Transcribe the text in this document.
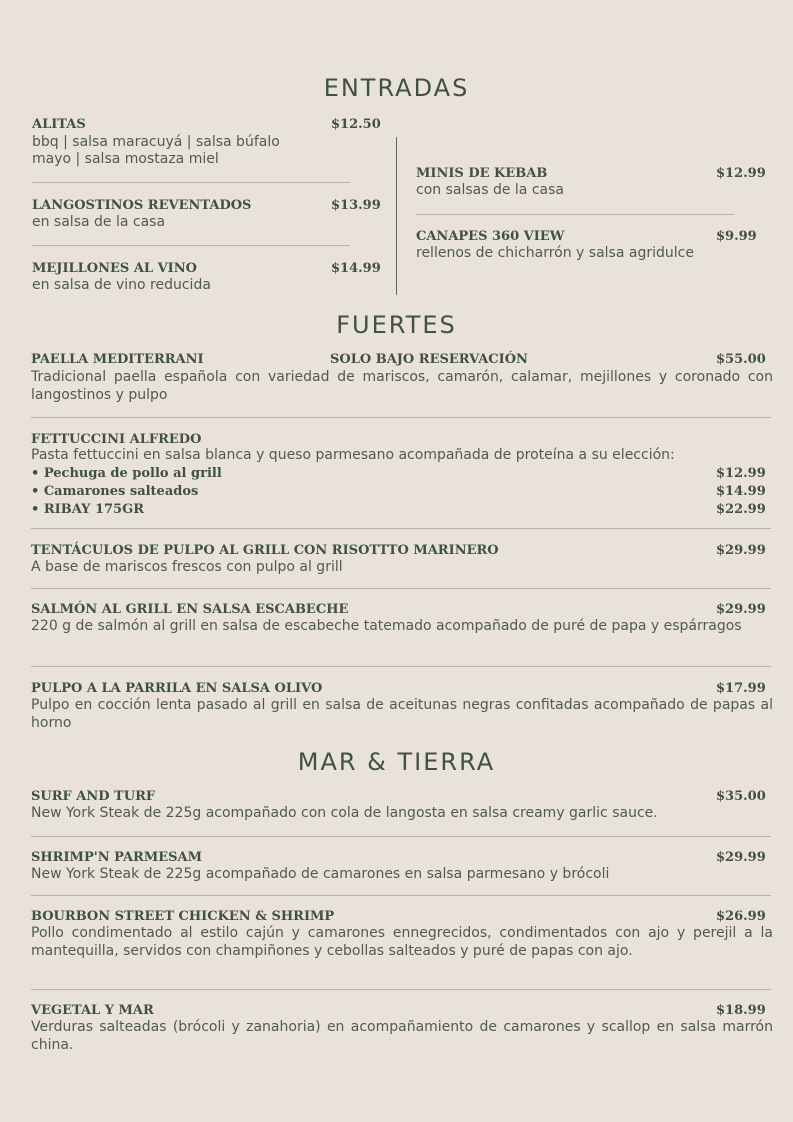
ENTRADAS
ALITAS	$12.50
bbq | salsa maracuyá | salsa búfalo
mayo | salsa mostaza miel
LANGOSTINOS REVENTADOS	$13.99
en salsa de la casa
MEJILLONES AL VINO	$14.99
en salsa de vino reducida
MINIS DE KEBAB	$12.99
con salsas de la casa
CANAPES 360 VIEW	$9.99
rellenos de chicharrón y salsa agridulce
FUERTES
PAELLA MEDITERRANI	SOLO BAJO RESERVACIÓN	$55.00
Tradicional paella española con variedad de mariscos, camarón, calamar, mejillones y coronado con langostinos y pulpo
FETTUCCINI ALFREDO
Pasta fettuccini en salsa blanca y queso parmesano acompañada de proteína a su elección:
• Pechuga de pollo al grill	$12.99
• Camarones salteados	$14.99
• RIBAY 175GR	$22.99
TENTÁCULOS DE PULPO AL GRILL CON RISOTTTO MARINERO	$29.99
A base de mariscos frescos con pulpo al grill
SALMÓN AL GRILL EN SALSA ESCABECHE	$29.99
220 g de salmón al grill en salsa de escabeche tatemado acompañado de puré de papa y espárragos
PULPO A LA PARRILA EN SALSA OLIVO	$17.99
Pulpo en cocción lenta pasado al grill en salsa de aceitunas negras confitadas acompañado de papas al horno
MAR & TIERRA
SURF AND TURF	$35.00
New York Steak de 225g acompañado con cola de langosta en salsa creamy garlic sauce.
SHRIMP'N PARMESAM	$29.99
New York Steak de 225g acompañado de camarones en salsa parmesano y brócoli
BOURBON STREET CHICKEN & SHRIMP	$26.99
Pollo condimentado al estilo cajún y camarones ennegrecidos, condimentados con ajo y perejil a la mantequilla, servidos con champiñones y cebollas salteados y puré de papas con ajo.
VEGETAL Y MAR	$18.99
Verduras salteadas (brócoli y zanahoria) en acompañamiento de camarones y scallop en salsa marrón china.
